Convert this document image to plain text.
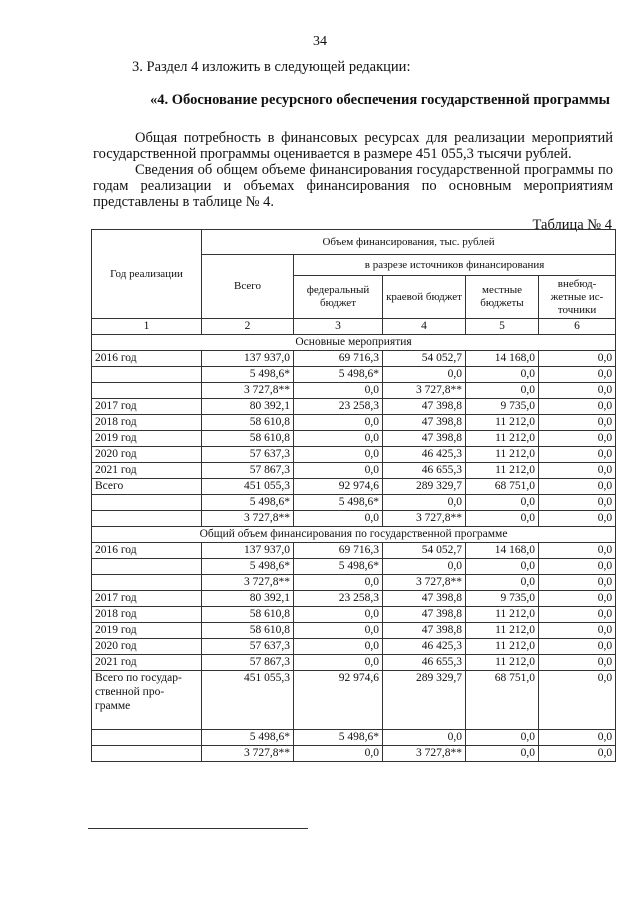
34
3. Раздел 4 изложить в следующей редакции:
«4. Обоснование ресурсного обеспечения государственной программы
Общая потребность в финансовых ресурсах для реализации мероприятий государственной программы оценивается в размере 451 055,3 тысячи рублей.
Сведения об общем объеме финансирования государственной программы по годам реализации и объемах финансирования по основным мероприятиям представлены в таблице № 4.
Таблица № 4
Год реализации	Объем финансирования, тыс. рублей				
	Всего	в разрезе источников финансирования			
		федеральный бюджет	краевой бюджет	местные бюджеты	внебюд-жетные ис-точники
1	2	3	4	5	6
Основные мероприятия					
2016 год	137 937,0	69 716,3	54 052,7	14 168,0	0,0
	5 498,6*	5 498,6*	0,0	0,0	0,0
	3 727,8**	0,0	3 727,8**	0,0	0,0
2017 год	80 392,1	23 258,3	47 398,8	9 735,0	0,0
2018 год	58 610,8	0,0	47 398,8	11 212,0	0,0
2019 год	58 610,8	0,0	47 398,8	11 212,0	0,0
2020 год	57 637,3	0,0	46 425,3	11 212,0	0,0
2021 год	57 867,3	0,0	46 655,3	11 212,0	0,0
Всего	451 055,3	92 974,6	289 329,7	68 751,0	0,0
	5 498,6*	5 498,6*	0,0	0,0	0,0
	3 727,8**	0,0	3 727,8**	0,0	0,0
Общий объем финансирования по государственной программе					
2016 год	137 937,0	69 716,3	54 052,7	14 168,0	0,0
	5 498,6*	5 498,6*	0,0	0,0	0,0
	3 727,8**	0,0	3 727,8**	0,0	0,0
2017 год	80 392,1	23 258,3	47 398,8	9 735,0	0,0
2018 год	58 610,8	0,0	47 398,8	11 212,0	0,0
2019 год	58 610,8	0,0	47 398,8	11 212,0	0,0
2020 год	57 637,3	0,0	46 425,3	11 212,0	0,0
2021 год	57 867,3	0,0	46 655,3	11 212,0	0,0
Всего по государ-ственной про-грамме	451 055,3	92 974,6	289 329,7	68 751,0	0,0
	5 498,6*	5 498,6*	0,0	0,0	0,0
	3 727,8**	0,0	3 727,8**	0,0	0,0
